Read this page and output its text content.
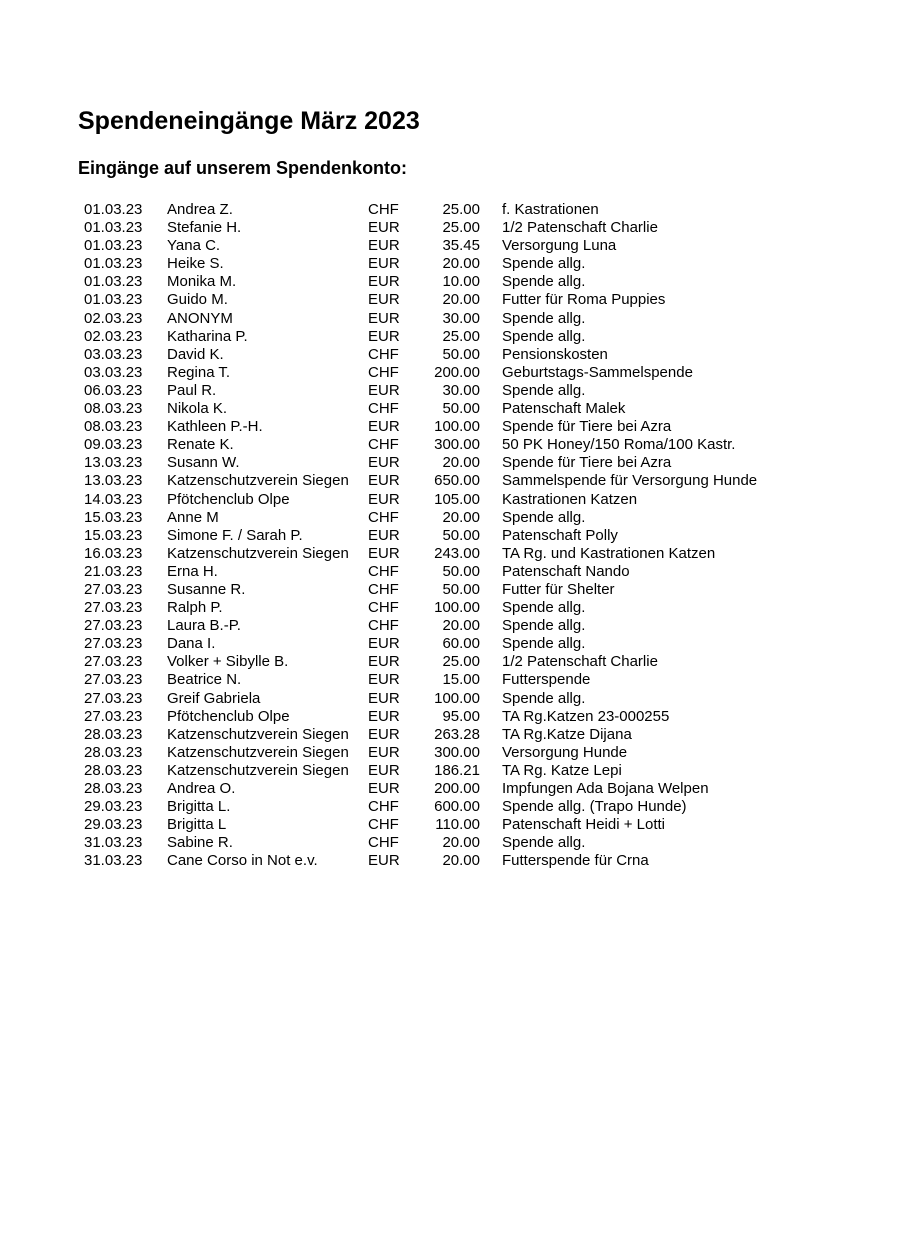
Spendeneingänge März 2023
Eingänge auf unserem Spendenkonto:
01.03.23	Andrea Z.	CHF	25.00	f. Kastrationen
01.03.23	Stefanie H.	EUR	25.00	1/2 Patenschaft Charlie
01.03.23	Yana C.	EUR	35.45	Versorgung Luna
01.03.23	Heike S.	EUR	20.00	Spende allg.
01.03.23	Monika M.	EUR	10.00	Spende allg.
01.03.23	Guido M.	EUR	20.00	Futter für Roma Puppies
02.03.23	ANONYM	EUR	30.00	Spende allg.
02.03.23	Katharina P.	EUR	25.00	Spende allg.
03.03.23	David K.	CHF	50.00	Pensionskosten
03.03.23	Regina T.	CHF	200.00	Geburtstags-Sammelspende
06.03.23	Paul R.	EUR	30.00	Spende allg.
08.03.23	Nikola K.	CHF	50.00	Patenschaft Malek
08.03.23	Kathleen P.-H.	EUR	100.00	Spende für Tiere bei Azra
09.03.23	Renate K.	CHF	300.00	50 PK Honey/150 Roma/100 Kastr.
13.03.23	Susann W.	EUR	20.00	Spende für Tiere bei Azra
13.03.23	Katzenschutzverein Siegen	EUR	650.00	Sammelspende für Versorgung Hunde
14.03.23	Pfötchenclub Olpe	EUR	105.00	Kastrationen Katzen
15.03.23	Anne M	CHF	20.00	Spende allg.
15.03.23	Simone F. / Sarah P.	EUR	50.00	Patenschaft Polly
16.03.23	Katzenschutzverein Siegen	EUR	243.00	TA Rg. und Kastrationen Katzen
21.03.23	Erna H.	CHF	50.00	Patenschaft Nando
27.03.23	Susanne R.	CHF	50.00	Futter für Shelter
27.03.23	Ralph P.	CHF	100.00	Spende allg.
27.03.23	Laura B.-P.	CHF	20.00	Spende allg.
27.03.23	Dana I.	EUR	60.00	Spende allg.
27.03.23	Volker + Sibylle B.	EUR	25.00	1/2 Patenschaft Charlie
27.03.23	Beatrice N.	EUR	15.00	Futterspende
27.03.23	Greif Gabriela	EUR	100.00	Spende allg.
27.03.23	Pfötchenclub Olpe	EUR	95.00	TA Rg.Katzen 23-000255
28.03.23	Katzenschutzverein Siegen	EUR	263.28	TA Rg.Katze Dijana
28.03.23	Katzenschutzverein Siegen	EUR	300.00	Versorgung Hunde
28.03.23	Katzenschutzverein Siegen	EUR	186.21	TA Rg. Katze Lepi
28.03.23	Andrea O.	EUR	200.00	Impfungen Ada Bojana Welpen
29.03.23	Brigitta L.	CHF	600.00	Spende allg. (Trapo Hunde)
29.03.23	Brigitta L	CHF	110.00	Patenschaft Heidi + Lotti
31.03.23	Sabine R.	CHF	20.00	Spende allg.
31.03.23	Cane Corso in Not e.v.	EUR	20.00	Futterspende für Crna
